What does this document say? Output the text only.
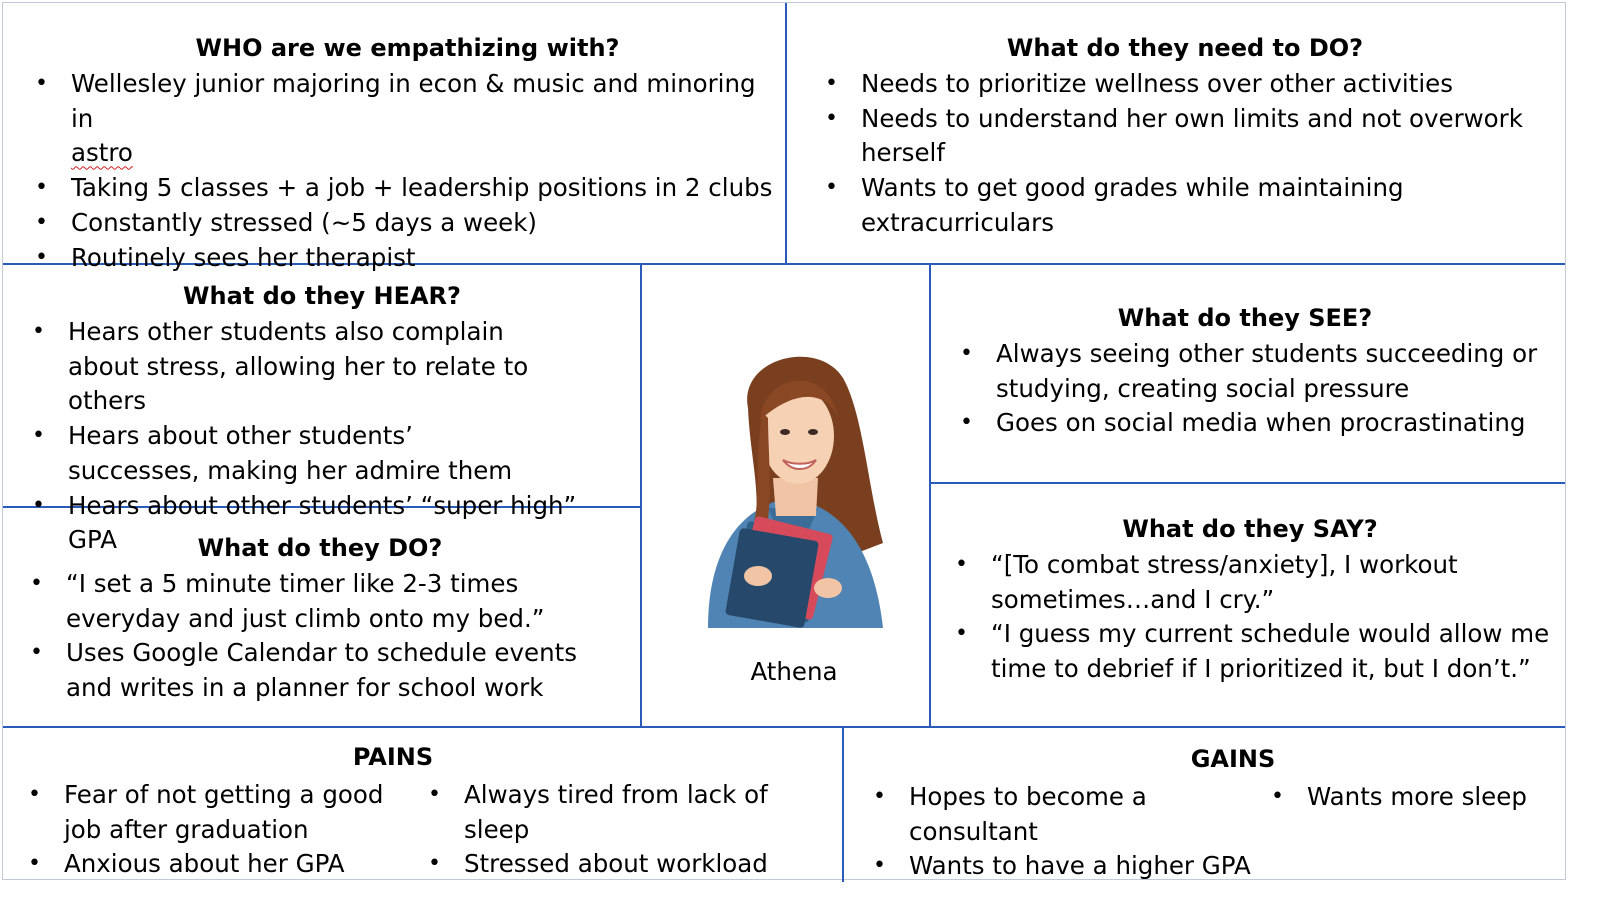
WHO are we empathizing with?
• Wellesley junior majoring in econ & music and minoring in
astro
• Taking 5 classes + a job + leadership positions in 2 clubs
• Constantly stressed (~5 days a week)
• Routinely sees her therapist
What do they need to DO?
• Needs to prioritize wellness over other activities
• Needs to understand her own limits and not overwork herself
• Wants to get good grades while maintaining extracurriculars
What do they HEAR?
• Hears other students also complain about stress, allowing her to relate to others
• Hears about other students’ successes, making her admire them
• Hears about other students’ “super high” GPA	What do they DO?
• “I set a 5 minute timer like 2-3 times everyday and just climb onto my bed.”
• Uses Google Calendar to schedule events and writes in a planner for school work
Athena
What do they SEE?
• Always seeing other students succeeding or studying, creating social pressure
• Goes on social media when procrastinating
What do they SAY?
• “[To combat stress/anxiety], I workout sometimes…and I cry.”
• “I guess my current schedule would allow me time to debrief if I prioritized it, but I don’t.”
PAINS
• Fear of not getting a good job after graduation
• Anxious about her GPA
• Always tired from lack of sleep
• Stressed about workload
GAINS
• Hopes to become a consultant
• Wants to have a higher GPA
• Wants more sleep
